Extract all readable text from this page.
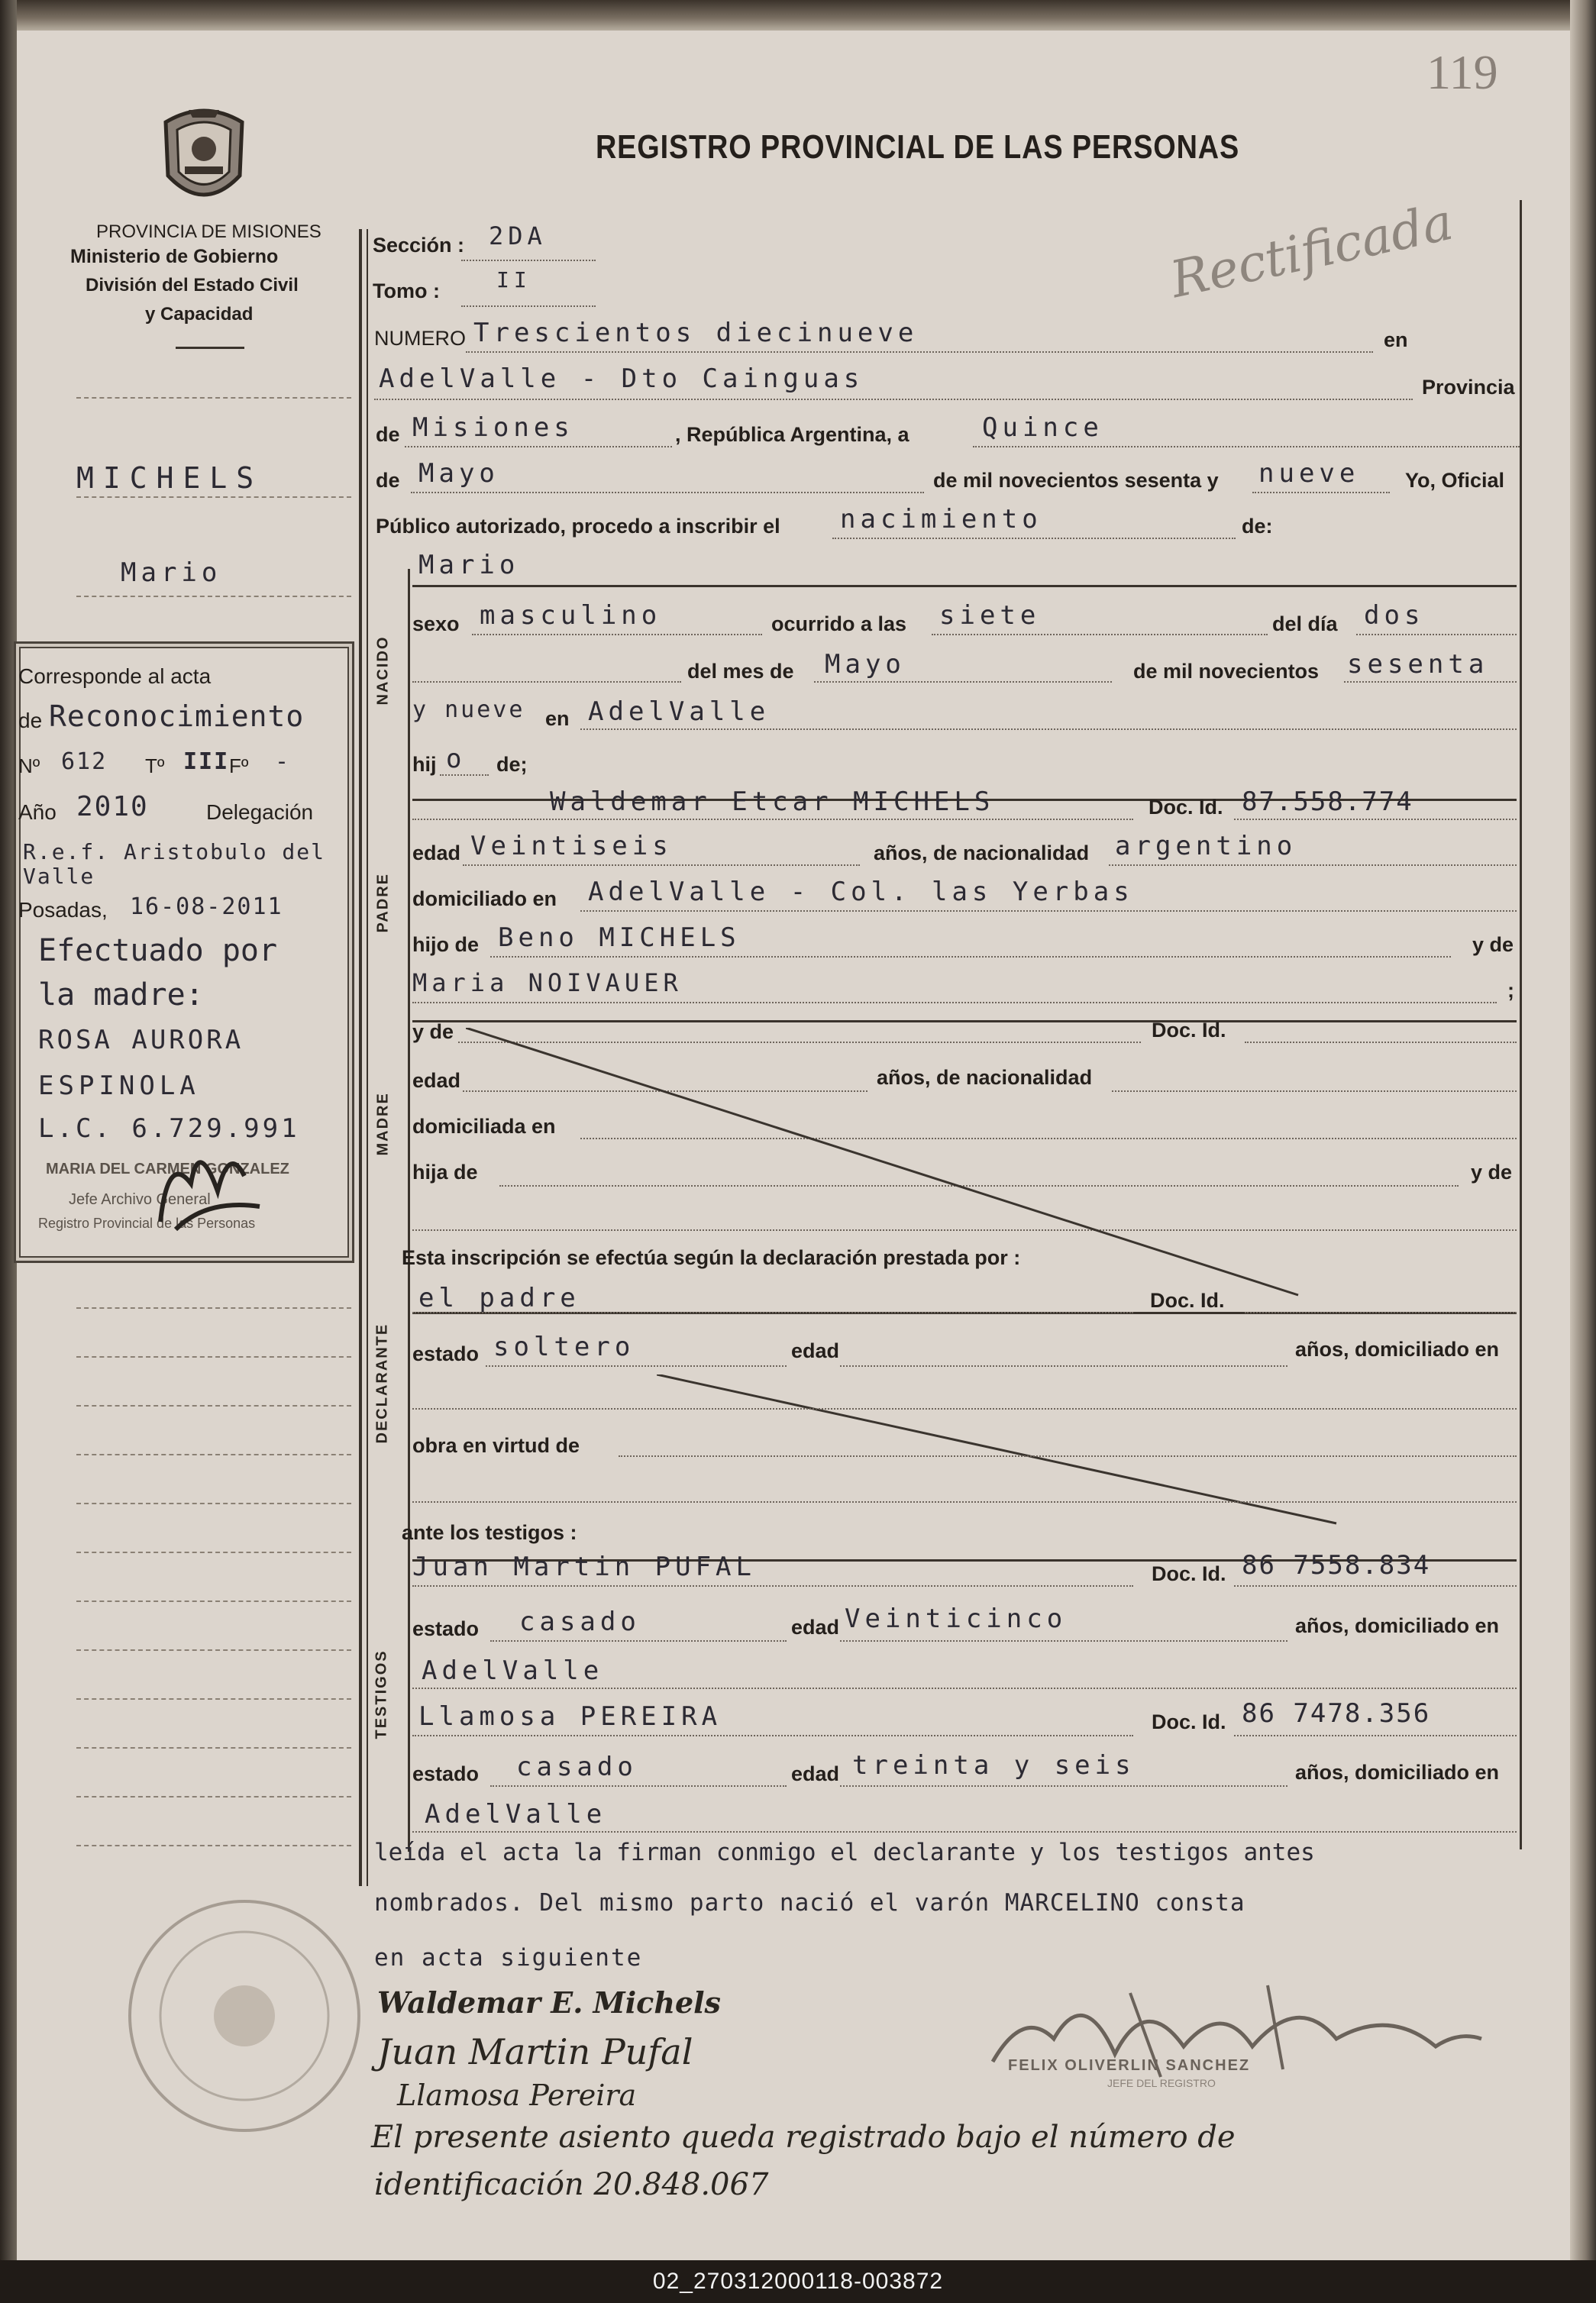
119
REGISTRO PROVINCIAL DE LAS PERSONAS
PROVINCIA DE MISIONES
Ministerio de Gobierno
División del Estado Civil
y Capacidad
MICHELS
Mario
Corresponde al acta
de Reconocimiento
Nº 612 Tº III Fº -
Año 2010	Delegación
R.e.f. Aristobulo del Valle
Posadas, 16-08-2011
Efectuado por
la madre:
ROSA AURORA
ESPINOLA
L.C. 6.729.991
MARIA DEL CARMEN GONZALEZ
Jefe Archivo General
Registro Provincial de las Personas
Rectificada
Sección : 2DA
Tomo :	II
NUMERO Trescientos diecinueve	en
AdelValle - Dto Cainguas	Provincia
de Misiones	, República Argentina, a	Quince
de Mayo	de mil novecientos sesenta y nueve Yo, Oficial
Público autorizado, procedo a inscribir el nacimiento	de:
NACIDO
Mario
sexo masculino	ocurrido a las siete	del día dos
del mes de Mayo	de mil novecientos sesenta
y nueve en AdelValle
hij o de;
PADRE
Waldemar Etcar MICHELS	Doc. Id. 87.558.774
edad Veintiseis	años, de nacionalidad argentino
domiciliado en AdelValle - Col. las Yerbas
hijo de Beno MICHELS	y de
Maria NOIVAUER	;
MADRE
y de	Doc. Id.
edad	años, de nacionalidad
domiciliada en
hija de	y de
Esta inscripción se efectúa según la declaración prestada por :
DECLARANTE
el padre	Doc. Id.
estado soltero	edad	años, domiciliado en
obra en virtud de
ante los testigos :
TESTIGOS
Juan Martin PUFAL	Doc. Id. 86 7558.834
estado casado	edad Veinticinco	años, domiciliado en
AdelValle
Llamosa PEREIRA	Doc. Id. 86 7478.356
estado casado	edad treinta y seis	años, domiciliado en
AdelValle
leída el acta la firman conmigo el declarante y los testigos antes
nombrados. Del mismo parto nació el varón MARCELINO consta
en acta siguiente
Waldemar E. Michels
Juan Martin Pufal
Llamosa Pereira
FELIX OLIVERLIN SANCHEZ
JEFE DEL REGISTRO
El presente asiento queda registrado bajo el número de
identificación 20.848.067
02_270312000118-003872
